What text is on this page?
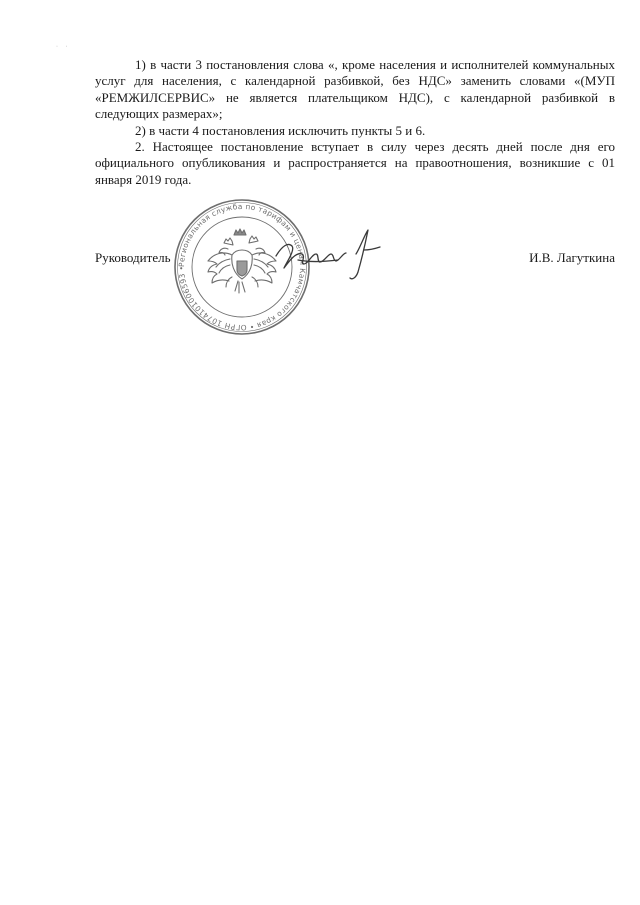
· ·

1) в части 3 постановления слова «, кроме населения и исполнителей коммунальных услуг для населения, с календарной разбивкой, без НДС» заменить словами «(МУП «РЕМЖИЛСЕРВИС» не является плательщиком НДС), с календарной разбивкой в следующих размерах»;

2) в части 4 постановления исключить пункты 5 и 6.

2. Настоящее постановление вступает в силу через десять дней после дня его официального опубликования и распространяется на правоотношения, возникшие с 01 января 2019 года.

Региональная служба по тарифам и ценам Камчатского края • ОГРН 1074101006593 •
Руководитель	И.В. Лагуткина
